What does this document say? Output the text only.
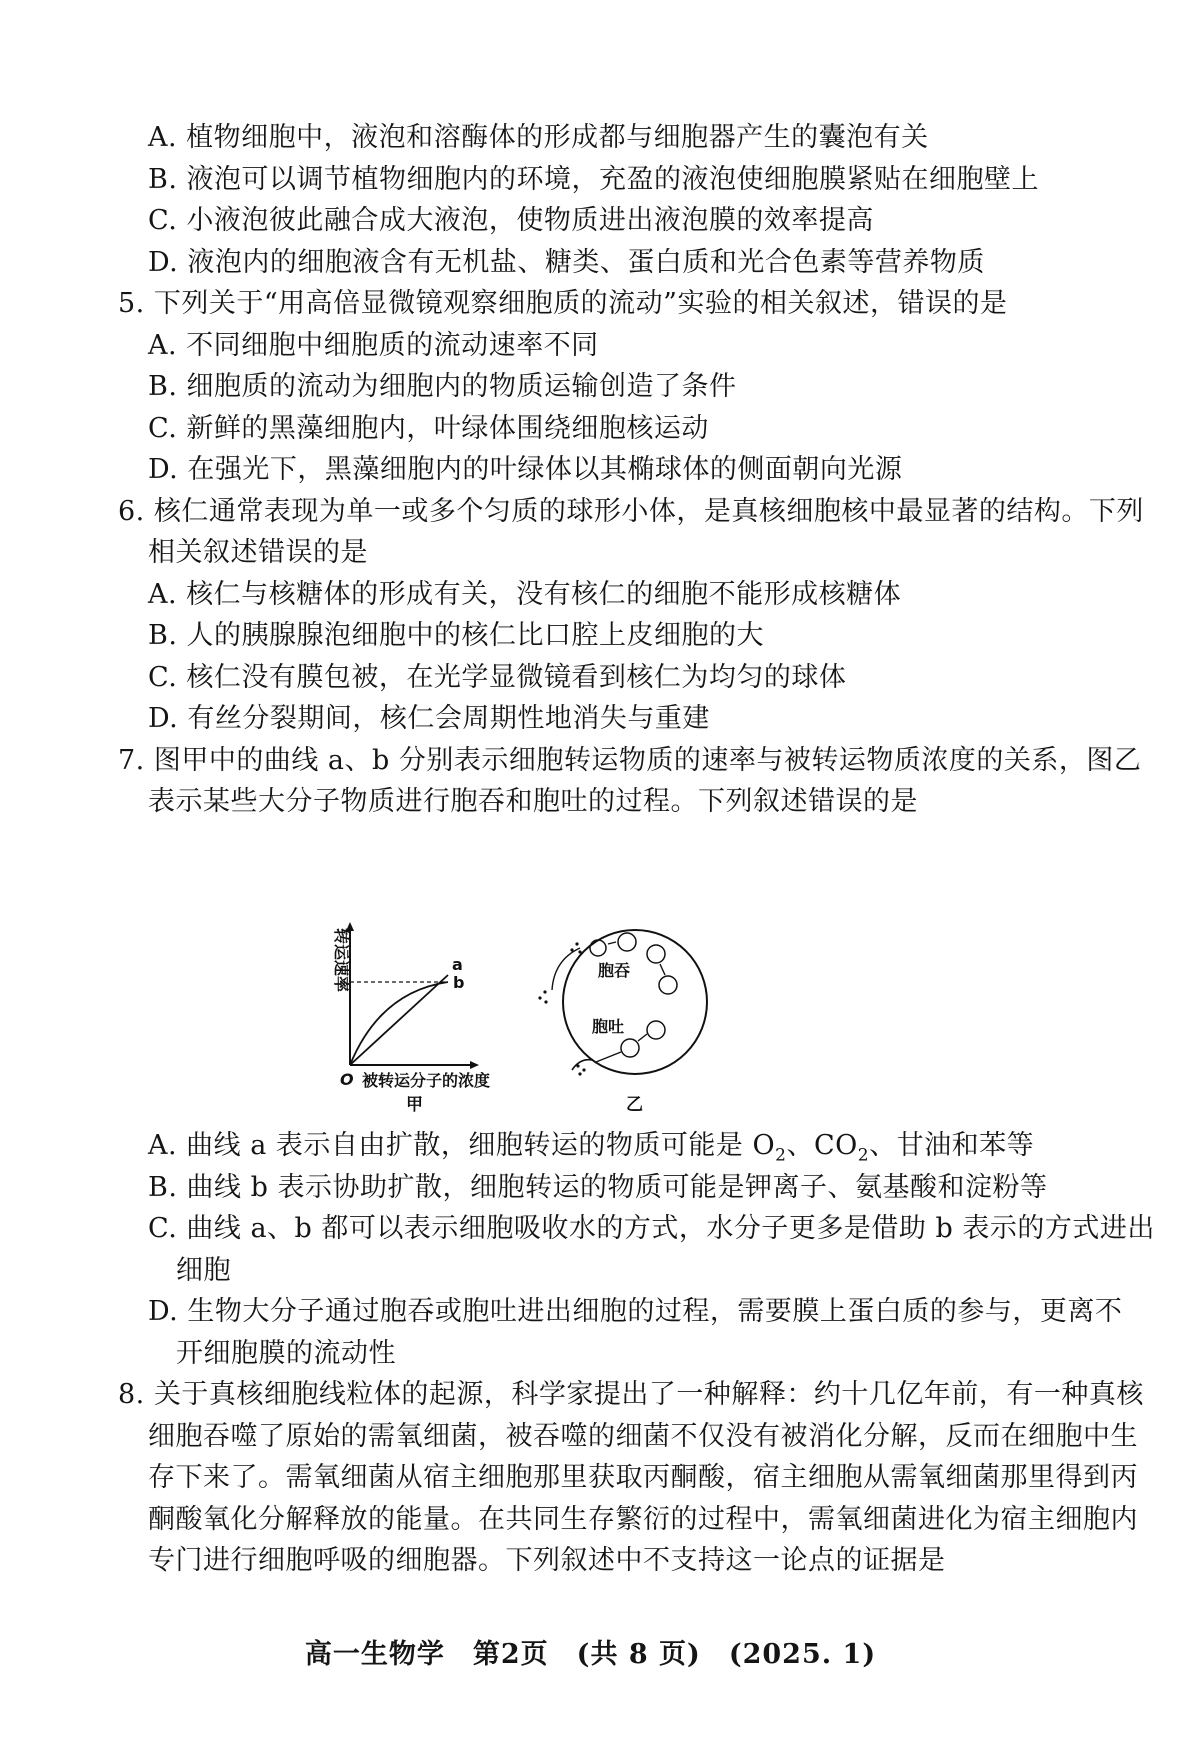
A. 植物细胞中，液泡和溶酶体的形成都与细胞器产生的囊泡有关
B. 液泡可以调节植物细胞内的环境，充盈的液泡使细胞膜紧贴在细胞壁上
C. 小液泡彼此融合成大液泡，使物质进出液泡膜的效率提高
D. 液泡内的细胞液含有无机盐、糖类、蛋白质和光合色素等营养物质
5. 下列关于“用高倍显微镜观察细胞质的流动”实验的相关叙述，错误的是
A. 不同细胞中细胞质的流动速率不同
B. 细胞质的流动为细胞内的物质运输创造了条件
C. 新鲜的黑藻细胞内，叶绿体围绕细胞核运动
D. 在强光下，黑藻细胞内的叶绿体以其椭球体的侧面朝向光源
6. 核仁通常表现为单一或多个匀质的球形小体，是真核细胞核中最显著的结构。下列
相关叙述错误的是
A. 核仁与核糖体的形成有关，没有核仁的细胞不能形成核糖体
B. 人的胰腺腺泡细胞中的核仁比口腔上皮细胞的大
C. 核仁没有膜包被，在光学显微镜看到核仁为均匀的球体
D. 有丝分裂期间，核仁会周期性地消失与重建
7. 图甲中的曲线 a、b 分别表示细胞转运物质的速率与被转运物质浓度的关系，图乙
表示某些大分子物质进行胞吞和胞吐的过程。下列叙述错误的是
转运速率
O 被转运分子的浓度
a
b
甲
胞吞
胞吐
乙
A. 曲线 a 表示自由扩散，细胞转运的物质可能是 $O_2$、$CO_2$、甘油和苯等
B. 曲线 b 表示协助扩散，细胞转运的物质可能是钾离子、氨基酸和淀粉等
C. 曲线 a、b 都可以表示细胞吸收水的方式，水分子更多是借助 b 表示的方式进出
细胞
D. 生物大分子通过胞吞或胞吐进出细胞的过程，需要膜上蛋白质的参与，更离不
开细胞膜的流动性
8. 关于真核细胞线粒体的起源，科学家提出了一种解释：约十几亿年前，有一种真核
细胞吞噬了原始的需氧细菌，被吞噬的细菌不仅没有被消化分解，反而在细胞中生
存下来了。需氧细菌从宿主细胞那里获取丙酮酸，宿主细胞从需氧细菌那里得到丙
酮酸氧化分解释放的能量。在共同生存繁衍的过程中，需氧细菌进化为宿主细胞内
专门进行细胞呼吸的细胞器。下列叙述中不支持这一论点的证据是
高一生物学　第2页　(共 8 页)　(2025. 1)
